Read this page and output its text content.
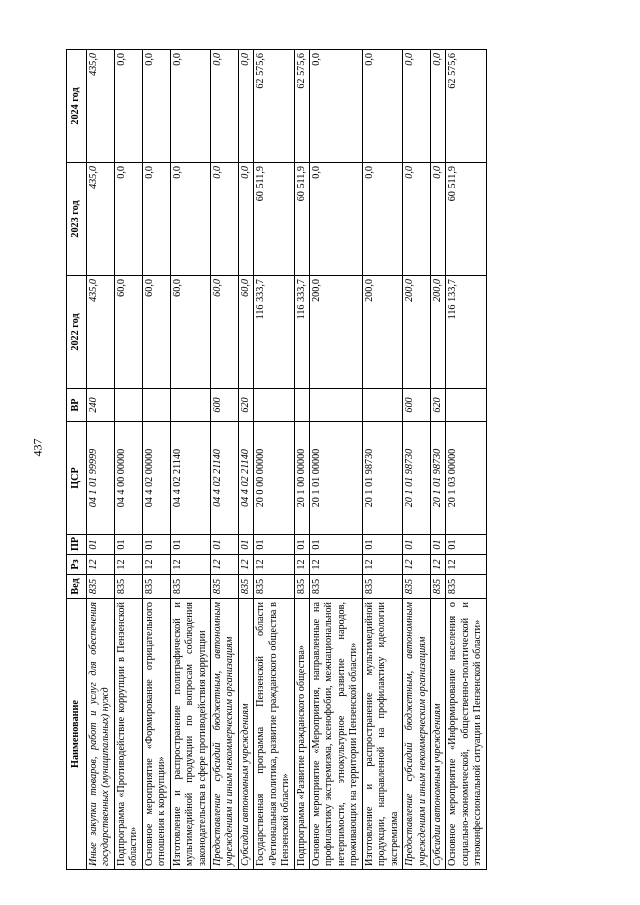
437
Наименование	Вед	Рз	ПР	ЦСР	ВР	2022 год	2023 год	2024 год
Иные закупки товаров, работ и услуг для обеспечения государственных (муниципальных) нужд	835	12	01	04 1 01 99999	240	435,0	435,0	435,0
Подпрограмма «Противодействие коррупции в Пензенской области»	835	12	01	04 4 00 00000		60,0	0,0	0,0
Основное мероприятие «Формирование отрицательного отношения к коррупции»	835	12	01	04 4 02 00000		60,0	0,0	0,0
Изготовление и распространение полиграфической и мультимедийной продукции по вопросам соблюдения законодательства в сфере противодействия коррупции	835	12	01	04 4 02 21140		60,0	0,0	0,0
Предоставление субсидий бюджетным, автономным учреждениям и иным некоммерческим организациям	835	12	01	04 4 02 21140	600	60,0	0,0	0,0
Субсидии автономным учреждениям	835	12	01	04 4 02 21140	620	60,0	0,0	0,0
Государственная программа Пензенской области «Региональная политика, развитие гражданского общества в Пензенской области»	835	12	01	20 0 00 00000		116 333,7	60 511,9	62 575,6
Подпрограмма «Развитие гражданского общества»	835	12	01	20 1 00 00000		116 333,7	60 511,9	62 575,6
Основное мероприятие «Мероприятия, направленные на профилактику экстремизма, ксенофобии, межнациональной нетерпимости, этнокультурное развитие народов, проживающих на территории Пензенской области»	835	12	01	20 1 01 00000		200,0	0,0	0,0
Изготовление и распространение мультимедийной продукции, направленной на профилактику идеологии экстремизма	835	12	01	20 1 01 98730		200,0	0,0	0,0
Предоставление субсидий бюджетным, автономным учреждениям и иным некоммерческим организациям	835	12	01	20 1 01 98730	600	200,0	0,0	0,0
Субсидии автономным учреждениям	835	12	01	20 1 01 98730	620	200,0	0,0	0,0
Основное мероприятие «Информирование населения о социально-экономической, общественно-политической и этноконфессиональной ситуации в Пензенской области»	835	12	01	20 1 03 00000		116 133,7	60 511,9	62 575,6
